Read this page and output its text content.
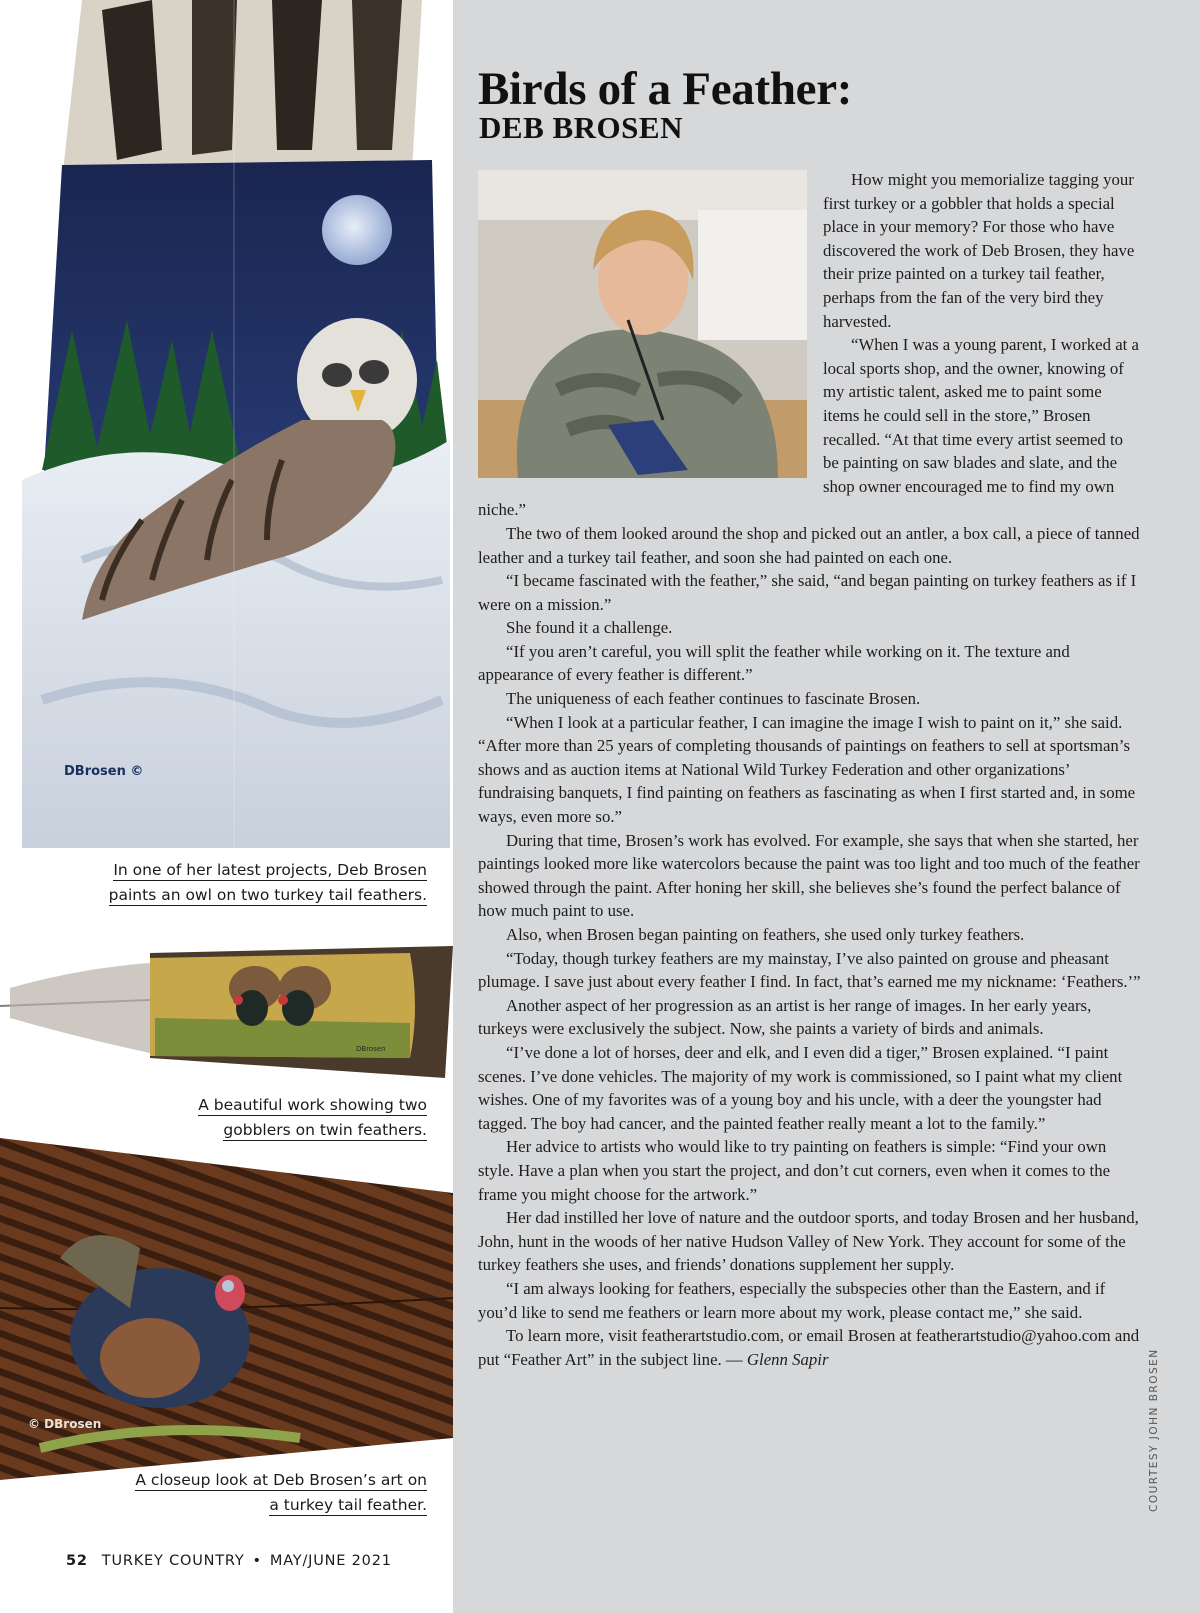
DBrosen ©
In one of her latest projects, Deb Brosen paints an owl on two turkey tail feathers.
DBrosen
A beautiful work showing two gobblers on twin feathers.
© DBrosen
A closeup look at Deb Brosen’s art on a turkey tail feather.
52 TURKEY COUNTRY • MAY/JUNE 2021
Birds of a Feather:
DEB BROSEN

How might you memorialize tagging your first turkey or a gobbler that holds a special place in your memory? For those who have discovered the work of Deb Brosen, they have their prize painted on a turkey tail feather, perhaps from the fan of the very bird they harvested.

“When I was a young parent, I worked at a local sports shop, and the owner, knowing of my artistic talent, asked me to paint some items he could sell in the store,” Brosen recalled. “At that time every artist seemed to be painting on saw blades and slate, and the shop owner encouraged me to find my own niche.”

The two of them looked around the shop and picked out an antler, a box call, a piece of tanned leather and a turkey tail feather, and soon she had painted on each one.

“I became fascinated with the feather,” she said, “and began painting on turkey feathers as if I were on a mission.”

She found it a challenge.

“If you aren’t careful, you will split the feather while working on it. The texture and appearance of every feather is different.”

The uniqueness of each feather continues to fascinate Brosen.

“When I look at a particular feather, I can imagine the image I wish to paint on it,” she said. “After more than 25 years of completing thousands of paintings on feathers to sell at sportsman’s shows and as auction items at National Wild Turkey Federation and other organizations’ fundraising banquets, I find painting on feathers as fascinating as when I first started and, in some ways, even more so.”

During that time, Brosen’s work has evolved. For example, she says that when she started, her paintings looked more like watercolors because the paint was too light and too much of the feather showed through the paint. After honing her skill, she believes she’s found the perfect balance of how much paint to use.

Also, when Brosen began painting on feathers, she used only turkey feathers.

“Today, though turkey feathers are my mainstay, I’ve also painted on grouse and pheasant plumage. I save just about every feather I find. In fact, that’s earned me my nickname: ‘Feathers.’”

Another aspect of her progression as an artist is her range of images. In her early years, turkeys were exclusively the subject. Now, she paints a variety of birds and animals.

“I’ve done a lot of horses, deer and elk, and I even did a tiger,” Brosen explained. “I paint scenes. I’ve done vehicles. The majority of my work is commissioned, so I paint what my client wishes. One of my favorites was of a young boy and his uncle, with a deer the youngster had tagged. The boy had cancer, and the painted feather really meant a lot to the family.”

Her advice to artists who would like to try painting on feathers is simple: “Find your own style. Have a plan when you start the project, and don’t cut corners, even when it comes to the frame you might choose for the artwork.”

Her dad instilled her love of nature and the outdoor sports, and today Brosen and her husband, John, hunt in the woods of her native Hudson Valley of New York. They account for some of the turkey feathers she uses, and friends’ donations supplement her supply.

“I am always looking for feathers, especially the subspecies other than the Eastern, and if you’d like to send me feathers or learn more about my work, please contact me,” she said.

To learn more, visit featherartstudio.com, or email Brosen at featherartstudio@yahoo.com and put “Feather Art” in the subject line. — Glenn Sapir	COURTESY JOHN BROSEN
